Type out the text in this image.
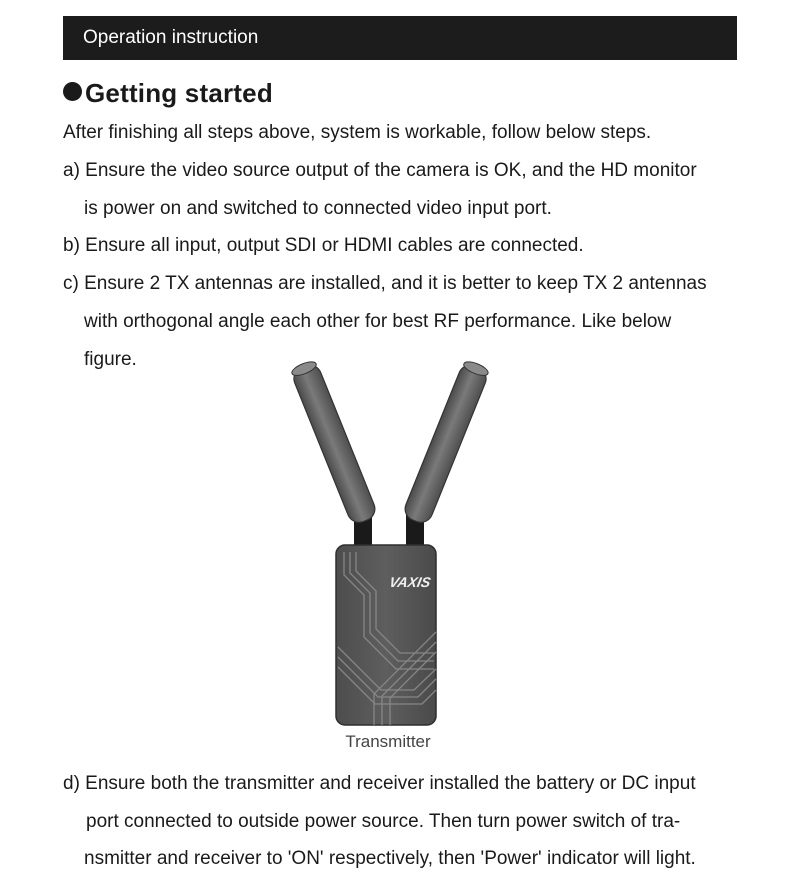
Operation instruction
Getting started
After finishing all steps above, system is workable, follow below steps.
a) Ensure the video source output of the camera is OK, and the HD monitor
is power on and switched to connected video input port.
b) Ensure all input, output SDI or HDMI cables are connected.
c) Ensure 2 TX antennas are installed, and it is better to keep TX 2 antennas
with orthogonal angle each other for best RF performance. Like below
figure.
VAXIS
Transmitter
d) Ensure both the transmitter and receiver installed the battery or DC input
port connected to outside power source. Then turn power switch of tra-
nsmitter and receiver to 'ON' respectively, then 'Power' indicator will light.
